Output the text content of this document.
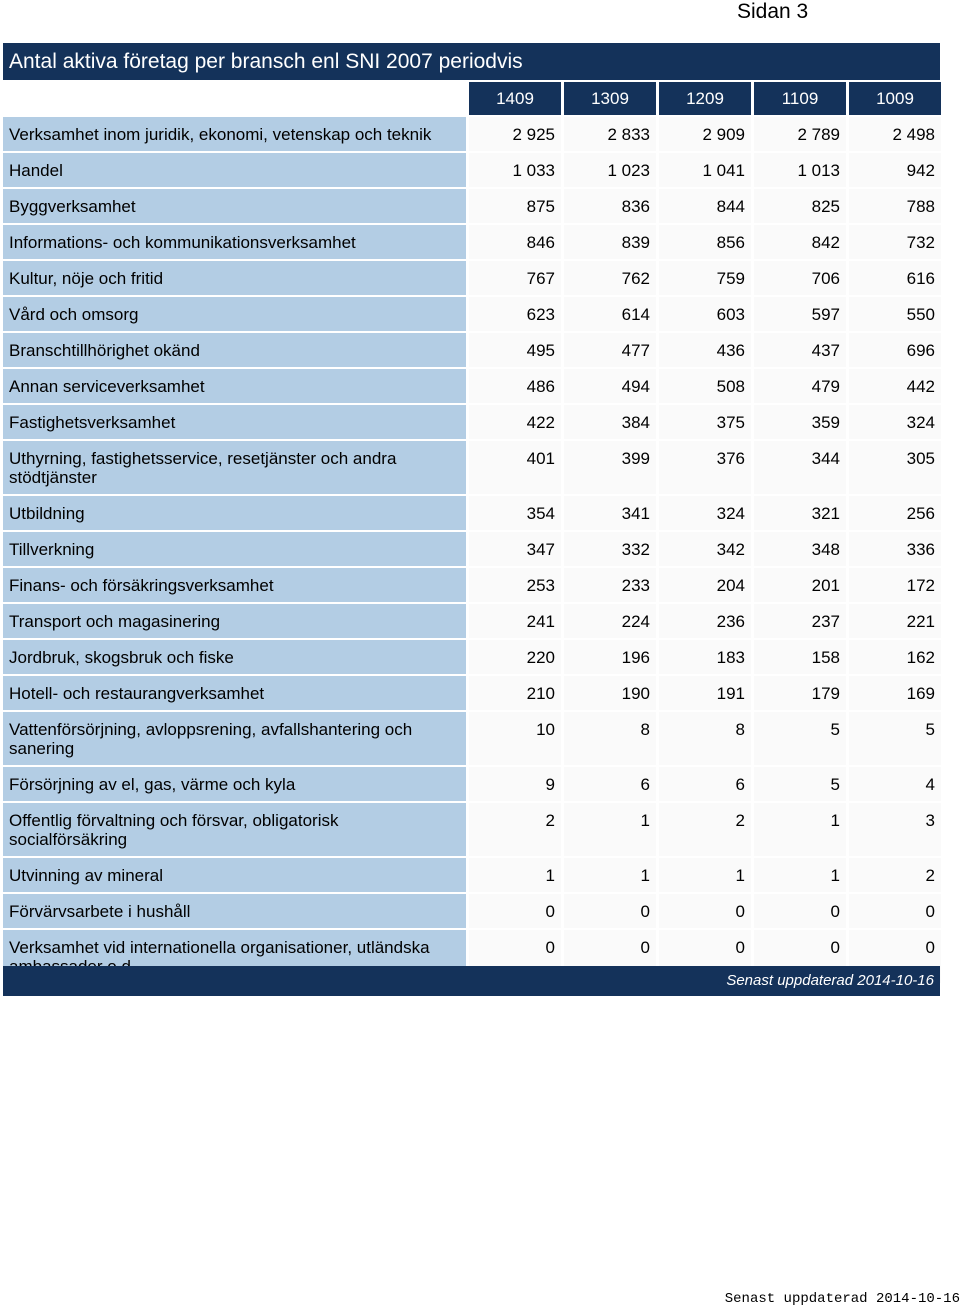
Sidan 3
Antal aktiva företag per bransch enl SNI 2007 periodvis
	1409	1309	1209	1109	1009
Verksamhet inom juridik, ekonomi, vetenskap och teknik	2 925	2 833	2 909	2 789	2 498
Handel	1 033	1 023	1 041	1 013	942
Byggverksamhet	875	836	844	825	788
Informations- och kommunikationsverksamhet	846	839	856	842	732
Kultur, nöje och fritid	767	762	759	706	616
Vård och omsorg	623	614	603	597	550
Branschtillhörighet okänd	495	477	436	437	696
Annan serviceverksamhet	486	494	508	479	442
Fastighetsverksamhet	422	384	375	359	324
Uthyrning, fastighetsservice, resetjänster och andra stödtjänster	401	399	376	344	305
Utbildning	354	341	324	321	256
Tillverkning	347	332	342	348	336
Finans- och försäkringsverksamhet	253	233	204	201	172
Transport och magasinering	241	224	236	237	221
Jordbruk, skogsbruk och fiske	220	196	183	158	162
Hotell- och restaurangverksamhet	210	190	191	179	169
Vattenförsörjning, avloppsrening, avfallshantering och sanering	10	8	8	5	5
Försörjning av el, gas, värme och kyla	9	6	6	5	4
Offentlig förvaltning och försvar, obligatorisk socialförsäkring	2	1	2	1	3
Utvinning av mineral	1	1	1	1	2
Förvärvsarbete i hushåll	0	0	0	0	0
Verksamhet vid internationella organisationer, utländska	0	0	0	0	0
Senast uppdaterad 2014-10-16
Senast uppdaterad 2014-10-16
